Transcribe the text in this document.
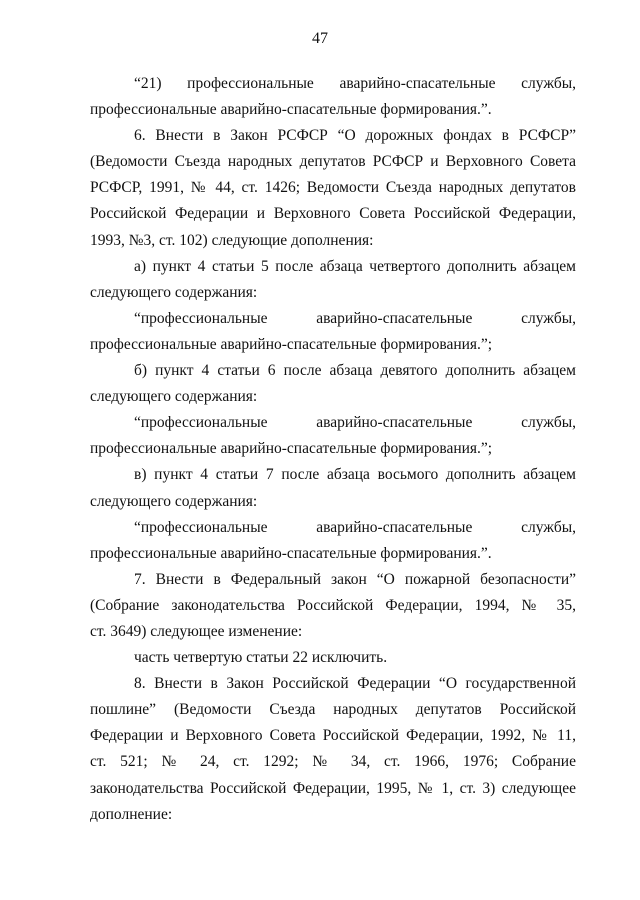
47
“21) профессиональные аварийно-спасательные службы,
профессиональные аварийно-спасательные формирования.”.
6. Внести в Закон РСФСР “О дорожных фондах в РСФСР”
(Ведомости Съезда народных депутатов РСФСР и Верховного Совета
РСФСР, 1991, № 44, ст. 1426; Ведомости Съезда народных депутатов
Российской Федерации и Верховного Совета Российской Федерации,
1993, №3, ст. 102) следующие дополнения:
а) пункт 4 статьи 5 после абзаца четвертого дополнить абзацем
следующего содержания:
“профессиональные аварийно-спасательные службы,
профессиональные аварийно-спасательные формирования.”;
б) пункт 4 статьи 6 после абзаца девятого дополнить абзацем
следующего содержания:
“профессиональные аварийно-спасательные службы,
профессиональные аварийно-спасательные формирования.”;
в) пункт 4 статьи 7 после абзаца восьмого дополнить абзацем
следующего содержания:
“профессиональные аварийно-спасательные службы,
профессиональные аварийно-спасательные формирования.”.
7. Внести в Федеральный закон “О пожарной безопасности”
(Собрание законодательства Российской Федерации, 1994, № 35,
ст. 3649) следующее изменение:
часть четвертую статьи 22 исключить.
8. Внести в Закон Российской Федерации “О государственной
пошлине” (Ведомости Съезда народных депутатов Российской
Федерации и Верховного Совета Российской Федерации, 1992, № 11,
ст. 521; № 24, ст. 1292; № 34, ст. 1966, 1976; Собрание
законодательства Российской Федерации, 1995, № 1, ст. 3) следующее
дополнение:
